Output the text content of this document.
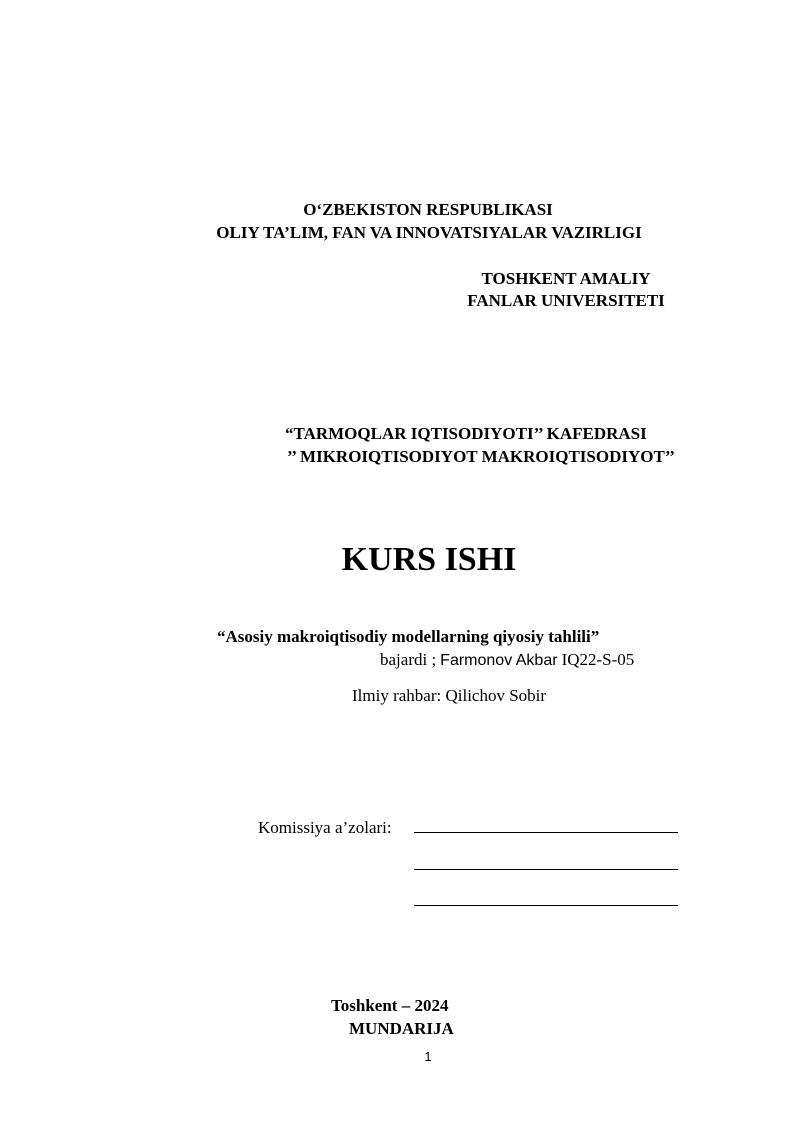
O‘ZBEKISTON RESPUBLIKASI
OLIY TA’LIM, FAN VA INNOVATSIYALAR VAZIRLIGI
TOSHKENT AMALIY
FANLAR UNIVERSITETI
“TARMOQLAR IQTISODIYOTI’’ KAFEDRASI
’’ MIKROIQTISODIYOT MAKROIQTISODIYOT’’
KURS ISHI
“Asosiy makroiqtisodiy modellarning qiyosiy tahlili”
bajardi ; Farmonov Akbar IQ22-S-05
Ilmiy rahbar: Qilichov Sobir
Komissiya a’zolari:
Toshkent – 2024
MUNDARIJA
1
